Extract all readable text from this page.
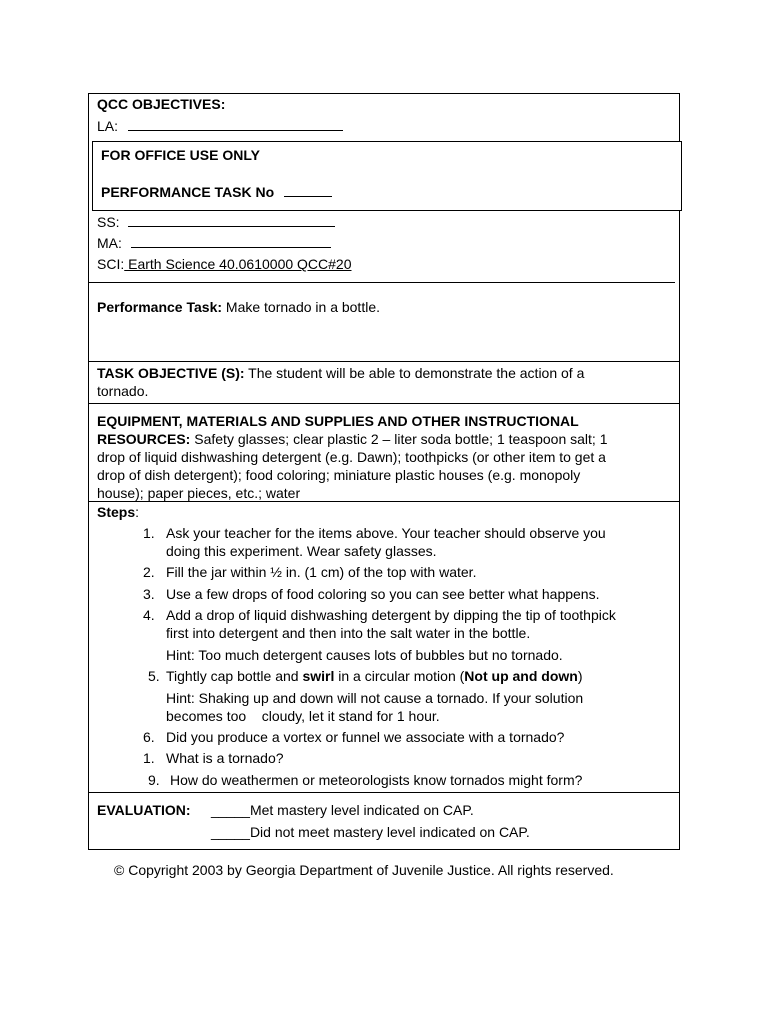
QCC OBJECTIVES:
LA:
FOR OFFICE USE ONLY
PERFORMANCE TASK No
SS:
MA:
SCI: Earth Science 40.0610000 QCC#20
Performance Task: Make tornado in a bottle.
TASK OBJECTIVE (S): The student will be able to demonstrate the action of a
tornado.
EQUIPMENT, MATERIALS AND SUPPLIES AND OTHER INSTRUCTIONAL
RESOURCES: Safety glasses; clear plastic 2 – liter soda bottle; 1 teaspoon salt; 1
drop of liquid dishwashing detergent (e.g. Dawn); toothpicks (or other item to get a
drop of dish detergent); food coloring; miniature plastic houses (e.g. monopoly
house); paper pieces, etc.; water
Steps:
1. Ask your teacher for the items above. Your teacher should observe you
doing this experiment. Wear safety glasses.
2. Fill the jar within ½ in. (1 cm) of the top with water.
3. Use a few drops of food coloring so you can see better what happens.
4. Add a drop of liquid dishwashing detergent by dipping the tip of toothpick
first into detergent and then into the salt water in the bottle.
Hint: Too much detergent causes lots of bubbles but no tornado.
5. Tightly cap bottle and swirl in a circular motion (Not up and down)
Hint: Shaking up and down will not cause a tornado. If your solution
becomes too    cloudy, let it stand for 1 hour.
6. Did you produce a vortex or funnel we associate with a tornado?
1. What is a tornado?
9. How do weathermen or meteorologists know tornados might form?
EVALUATION: _____Met mastery level indicated on CAP.
_____Did not meet mastery level indicated on CAP.
© Copyright 2003 by Georgia Department of Juvenile Justice. All rights reserved.
